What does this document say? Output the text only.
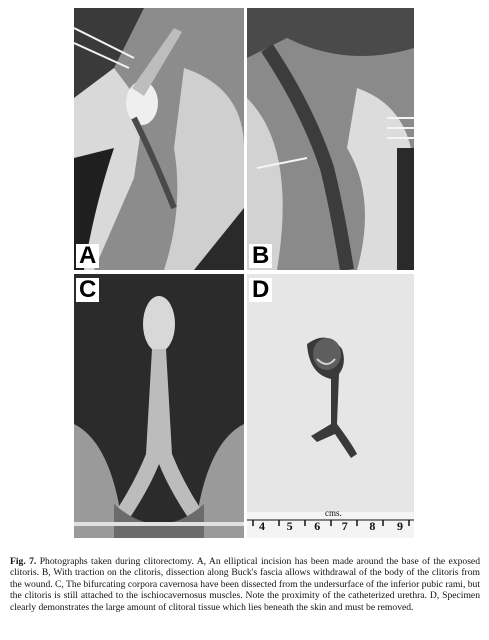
A	B
C	D
cms.
4	5	6	7	8	9

Fig. 7. Photographs taken during clitorectomy. A, An elliptical incision has been made around the base of the exposed clitoris. B, With traction on the clitoris, dissection along Buck's fascia allows withdrawal of the body of the clitoris from the wound. C, The bifurcating corpora cavernosa have been dissected from the undersurface of the inferior pubic rami, but the clitoris is still attached to the ischiocavernosus muscles. Note the proximity of the catheterized urethra. D, Specimen clearly demonstrates the large amount of clitoral tissue which lies beneath the skin and must be removed.
